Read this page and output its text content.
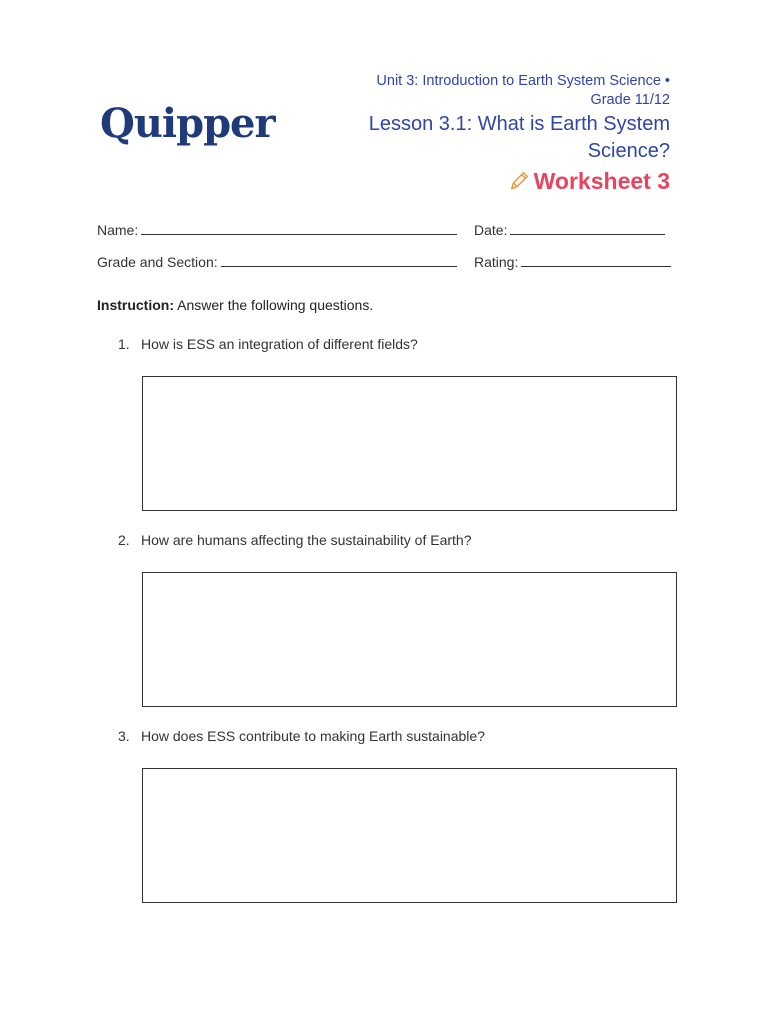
Quipper
Unit 3: Introduction to Earth System Science •
Grade 11/12
Lesson 3.1: What is Earth System
Science?
Worksheet 3
Name:	Date:
Grade and Section:	Rating:
Instruction: Answer the following questions.
1. How is ESS an integration of different fields?
2. How are humans affecting the sustainability of Earth?
3. How does ESS contribute to making Earth sustainable?
